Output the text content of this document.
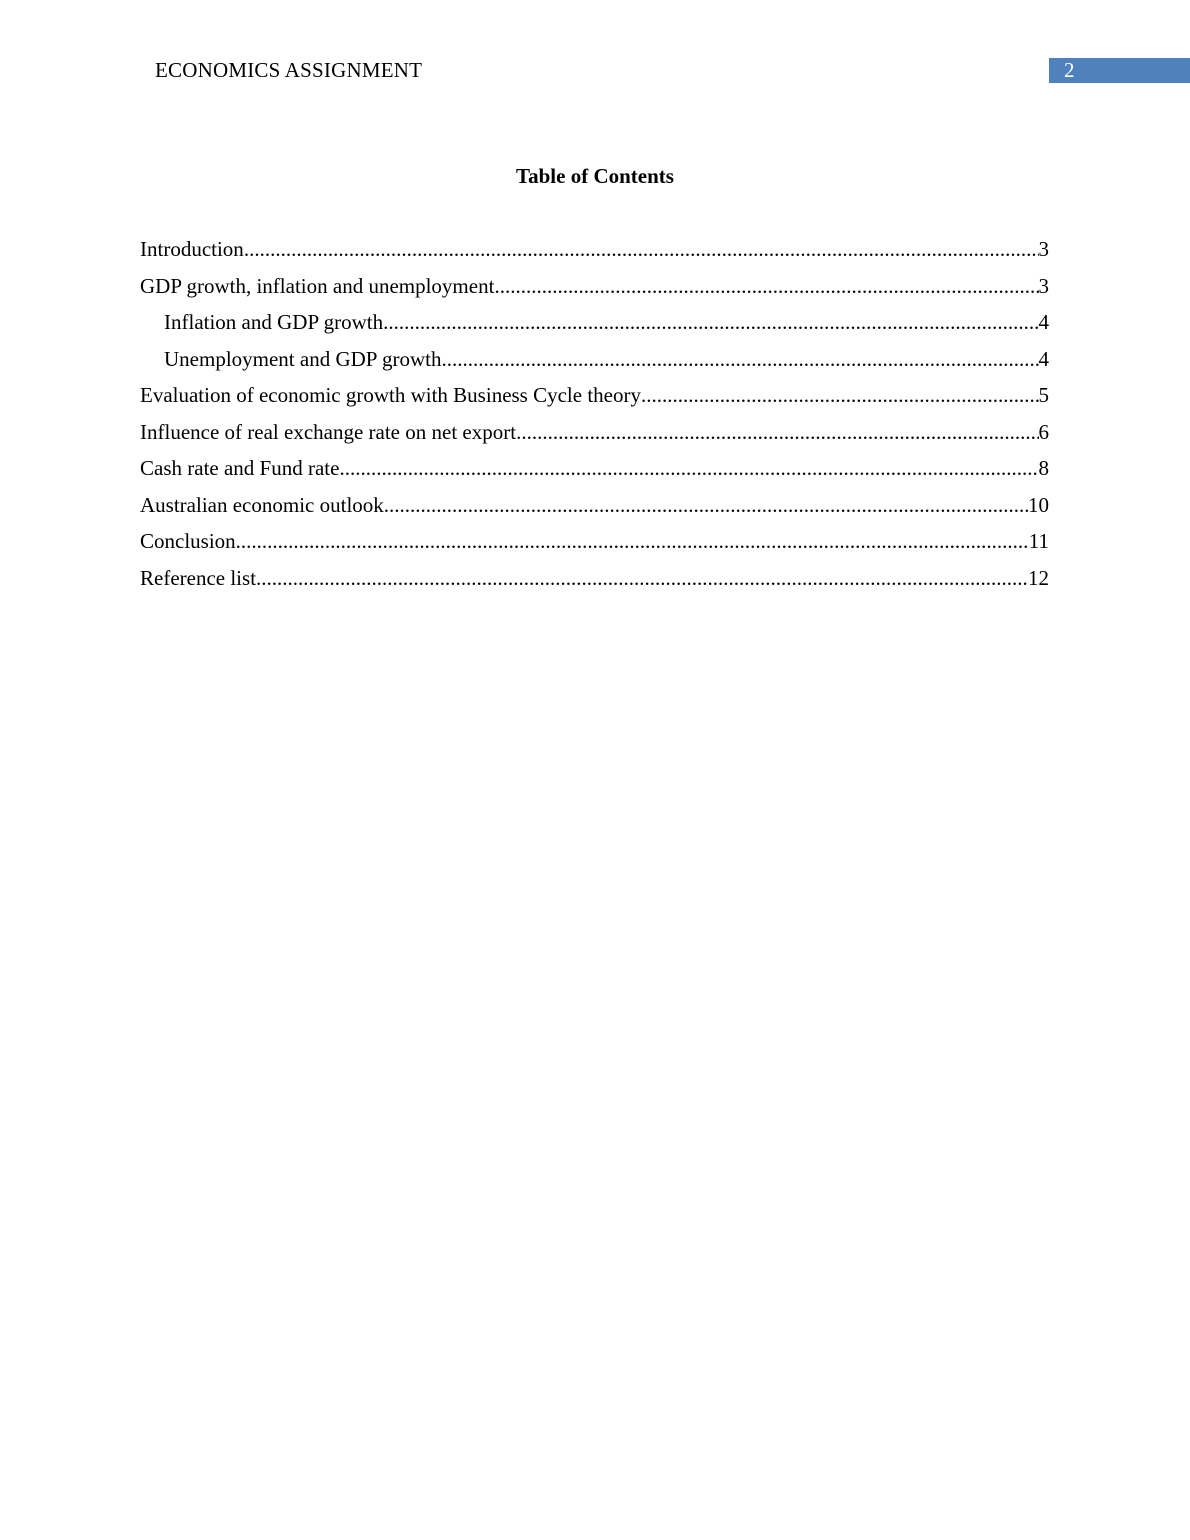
ECONOMICS ASSIGNMENT	2
Table of Contents
Introduction .....	3
GDP growth, inflation and unemployment .....	3
Inflation and GDP growth .....	4
Unemployment and GDP growth .....	4
Evaluation of economic growth with Business Cycle theory .....	5
Influence of real exchange rate on net export .....	6
Cash rate and Fund rate .....	8
Australian economic outlook .....	10
Conclusion .....	11
Reference list .....	12
